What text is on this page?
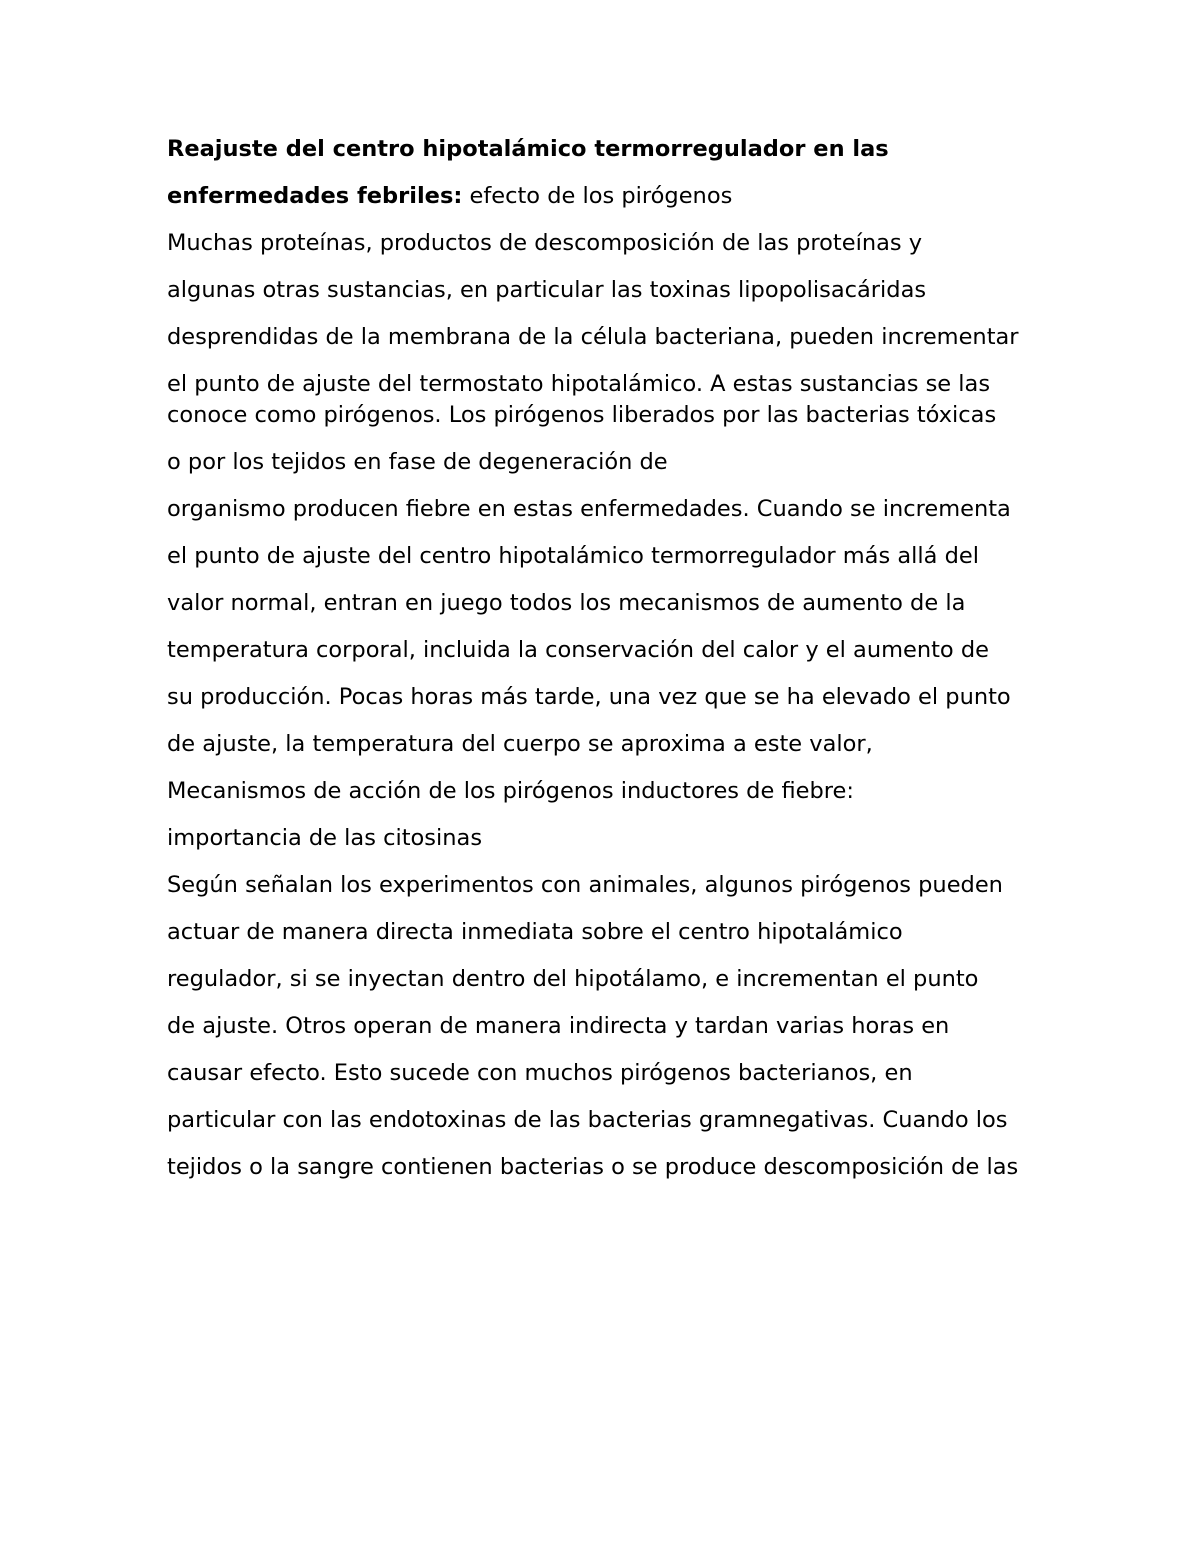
Reajuste del centro hipotalámico termorregulador en las

enfermedades febriles: efecto de los pirógenos

Muchas proteínas, productos de descomposición de las proteínas y

algunas otras sustancias, en particular las toxinas lipopolisacáridas

desprendidas de la membrana de la célula bacteriana, pueden incrementar

el punto de ajuste del termostato hipotalámico. A estas sustancias se las conoce como pirógenos. Los pirógenos liberados por las bacterias tóxicas

o por los tejidos en fase de degeneración de

organismo producen fiebre en estas enfermedades. Cuando se incrementa

el punto de ajuste del centro hipotalámico termorregulador más allá del

valor normal, entran en juego todos los mecanismos de aumento de la

temperatura corporal, incluida la conservación del calor y el aumento de

su producción. Pocas horas más tarde, una vez que se ha elevado el punto

de ajuste, la temperatura del cuerpo se aproxima a este valor,

Mecanismos de acción de los pirógenos inductores de fiebre:

importancia de las citosinas

Según señalan los experimentos con animales, algunos pirógenos pueden

actuar de manera directa inmediata sobre el centro hipotalámico

regulador, si se inyectan dentro del hipotálamo, e incrementan el punto

de ajuste. Otros operan de manera indirecta y tardan varias horas en

causar efecto. Esto sucede con muchos pirógenos bacterianos, en

particular con las endotoxinas de las bacterias gramnegativas. Cuando los

tejidos o la sangre contienen bacterias o se produce descomposición de las
